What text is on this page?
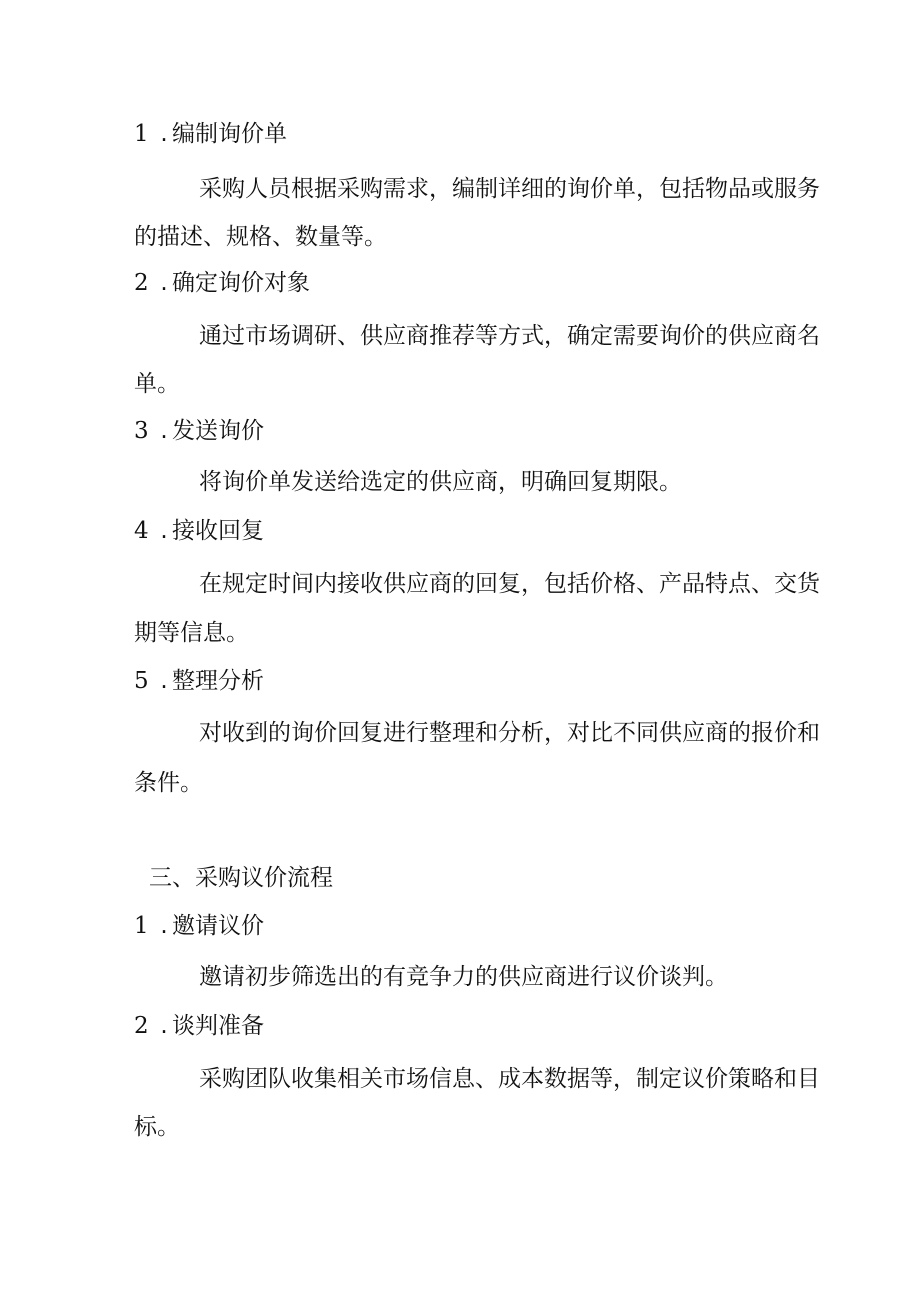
1 . 编制询价单
采购人员根据采购需求，编制详细的询价单，包括物品或服务
的描述、规格、数量等。
2 . 确定询价对象
通过市场调研、供应商推荐等方式，确定需要询价的供应商名
单。
3 . 发送询价
将询价单发送给选定的供应商，明确回复期限。
4 . 接收回复
在规定时间内接收供应商的回复，包括价格、产品特点、交货
期等信息。
5 . 整理分析
对收到的询价回复进行整理和分析，对比不同供应商的报价和
条件。
三、采购议价流程
1 . 邀请议价
邀请初步筛选出的有竞争力的供应商进行议价谈判。
2 . 谈判准备
采购团队收集相关市场信息、成本数据等，制定议价策略和目
标。
